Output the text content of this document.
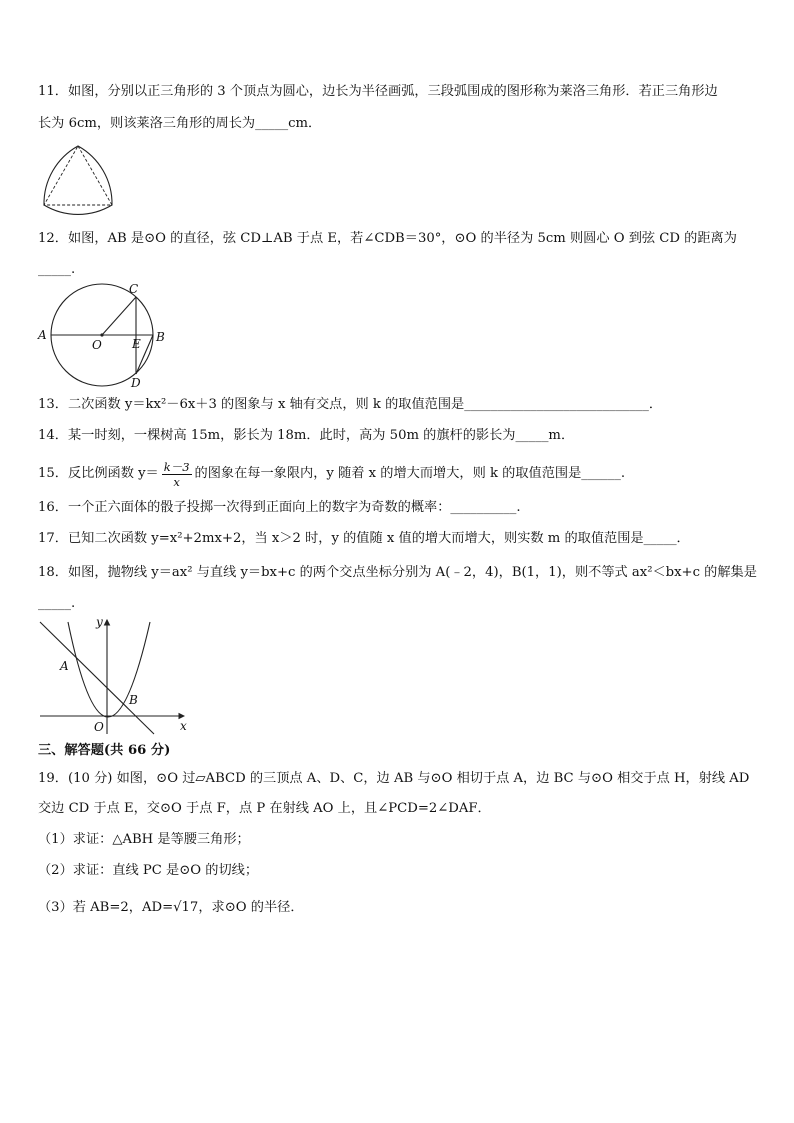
11．如图，分别以正三角形的 3 个顶点为圆心，边长为半径画弧，三段弧围成的图形称为莱洛三角形．若正三角形边
长为 6cm，则该莱洛三角形的周长为_____cm．
12．如图，AB 是⊙O 的直径，弦 CD⊥AB 于点 E，若∠CDB＝30°，⊙O 的半径为 5cm 则圆心 O 到弦 CD 的距离为
_____.
A	B
C
D
E
O
13．二次函数 y＝kx²－6x＋3 的图象与 x 轴有交点，则 k 的取值范围是____________________________．
14．某一时刻，一棵树高 15m，影长为 18m．此时，高为 50m 的旗杆的影长为_____m．
15．反比例函数 $y= \frac{k-3}{x}$ 的图象在每一象限内，y 随着 x 的增大而增大，则 k 的取值范围是______.
16．一个正六面体的骰子投掷一次得到正面向上的数字为奇数的概率：__________.
17．已知二次函数 y=x²+2mx+2，当 x＞2 时，y 的值随 x 值的增大而增大，则实数 m 的取值范围是_____．
18．如图，抛物线 y＝ax² 与直线 y＝bx+c 的两个交点坐标分别为 A(﹣2，4)，B(1，1)，则不等式 ax²＜bx+c 的解集是
_____.
x
y
A
B
O
三、解答题(共 66 分)
19．(10 分) 如图，⊙O 过▱ABCD 的三顶点 A、D、C，边 AB 与⊙O 相切于点 A，边 BC 与⊙O 相交于点 H，射线 AD
交边 CD 于点 E，交⊙O 于点 F，点 P 在射线 AO 上，且∠PCD=2∠DAF．
（1）求证：△ABH 是等腰三角形；
（2）求证：直线 PC 是⊙O 的切线；
（3）若 AB=2，AD=√17，求⊙O 的半径．
